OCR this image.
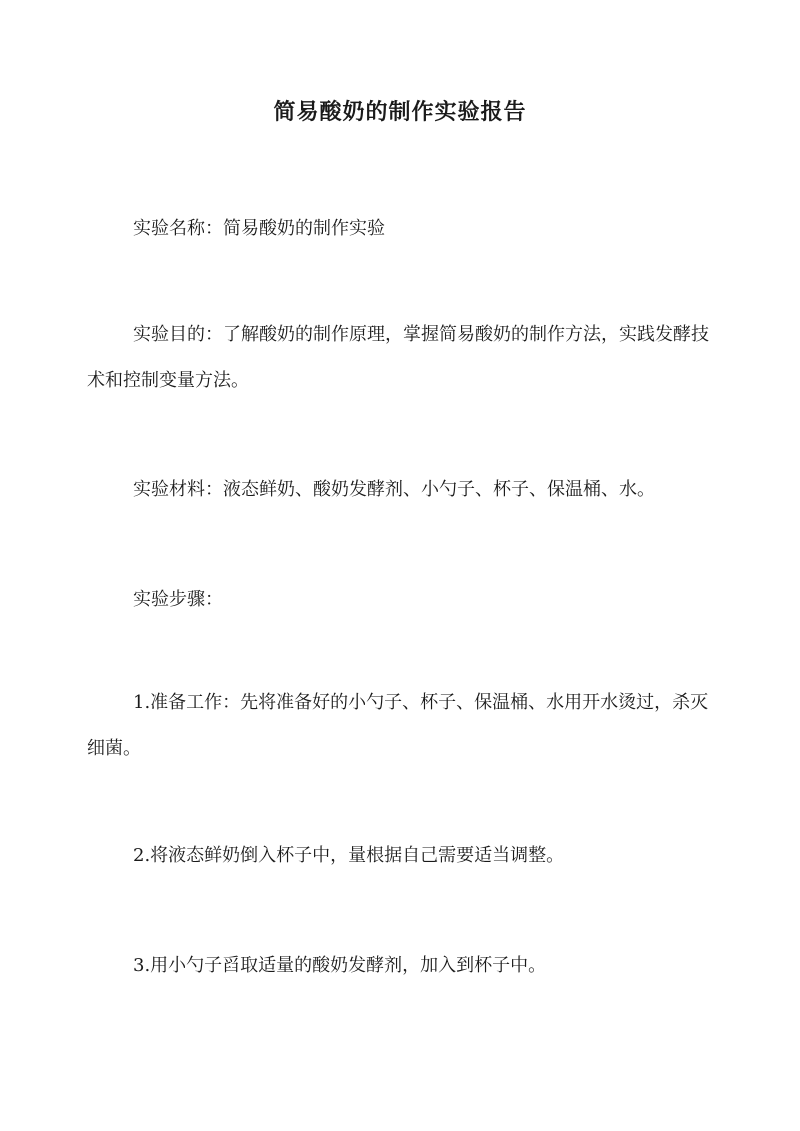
简易酸奶的制作实验报告

实验名称：简易酸奶的制作实验

实验目的：了解酸奶的制作原理，掌握简易酸奶的制作方法，实践发酵技术和控制变量方法。

实验材料：液态鲜奶、酸奶发酵剂、小勺子、杯子、保温桶、水。

实验步骤：

1.准备工作：先将准备好的小勺子、杯子、保温桶、水用开水烫过，杀灭细菌。

2.将液态鲜奶倒入杯子中，量根据自己需要适当调整。

3.用小勺子舀取适量的酸奶发酵剂，加入到杯子中。
